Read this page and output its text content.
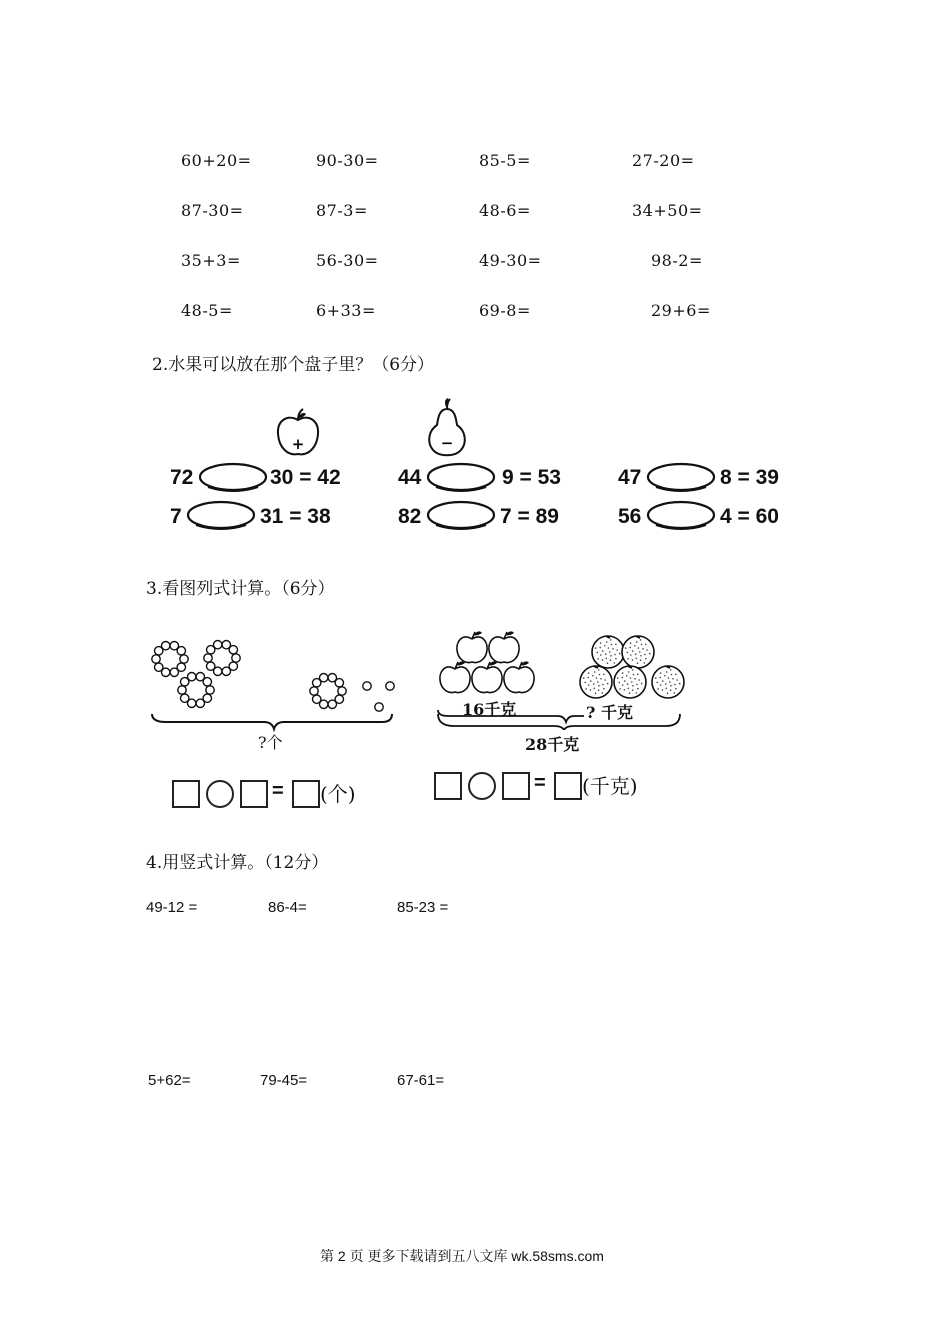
60+20=	90-30=	85-5=	27-20=
87-30=	87-3=	48-6=	34+50=
35+3=	56-30=	49-30=	98-2=
48-5=	6+33=	69-8=	29+6=
2.水果可以放在那个盘子里？（6分）
+	−
72	30 = 42	44	9 = 53	47	8 = 39
7	31 = 38	82	7 = 89	56	4 = 60
3.看图列式计算。（6分）
?个
16千克	? 千克
28千克
= (个)	= (千克)
4.用竖式计算。（12分）
49-12 =	86-4=	85-23 =
5+62=	79-45=	67-61=
第 2 页 更多下载请到五八文库 wk.58sms.com
